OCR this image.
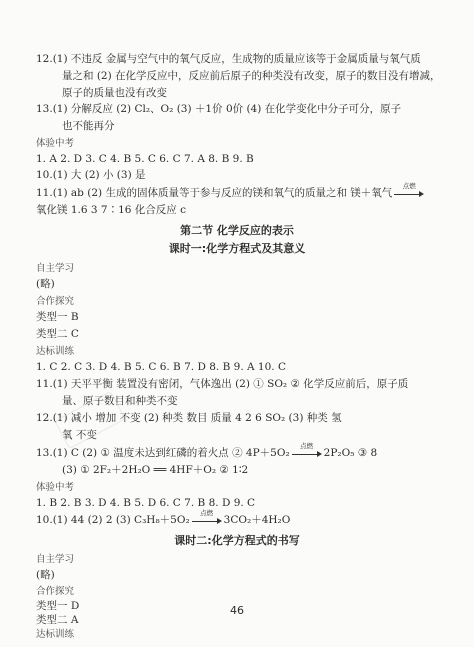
12.(1) 不违反 金属与空气中的氧气反应，生成物的质量应该等于金属质量与氧气质
量之和 (2) 在化学反应中，反应前后原子的种类没有改变，原子的数目没有增减，
原子的质量也没有改变
13.(1) 分解反应 (2) Cl₂、O₂ (3) ＋1价 0价 (4) 在化学变化中分子可分，原子
也不能再分
体验中考
1. A 2. D 3. C 4. B 5. C 6. C 7. A 8. B 9. B
10.(1) 大 (2) 小 (3) 是
11.(1) ab (2) 生成的固体质量等于参与反应的镁和氧气的质量之和 镁＋氧气
点燃
氧化镁 1.6 3 7∶16 化合反应 c
第二节 化学反应的表示
课时一:化学方程式及其意义
自主学习
(略)
合作探究
类型一 B
类型二 C
达标训练
1. C 2. C 3. D 4. B 5. C 6. B 7. D 8. B 9. A 10. C
11.(1) 天平平衡 装置没有密闭，气体逸出 (2) ① SO₂ ② 化学反应前后，原子质
量、原子数目和种类不变
12.(1) 减小 增加 不变 (2) 种类 数目 质量 4 2 6 SO₂ (3) 种类 氢
氧 不变
13.(1) C (2) ① 温度未达到红磷的着火点 ② 4P＋5O₂
点燃
2P₂O₅ ③ 8
(3) ① 2F₂＋2H₂O ══ 4HF＋O₂ ② 1∶2
体验中考
1. B 2. B 3. D 4. B 5. D 6. C 7. B 8. D 9. C
10.(1) 44 (2) 2 (3) C₃H₈＋5O₂
点燃
3CO₂＋4H₂O
课时二:化学方程式的书写
自主学习
(略)
合作探究
类型一 D
类型二 A
达标训练
46
